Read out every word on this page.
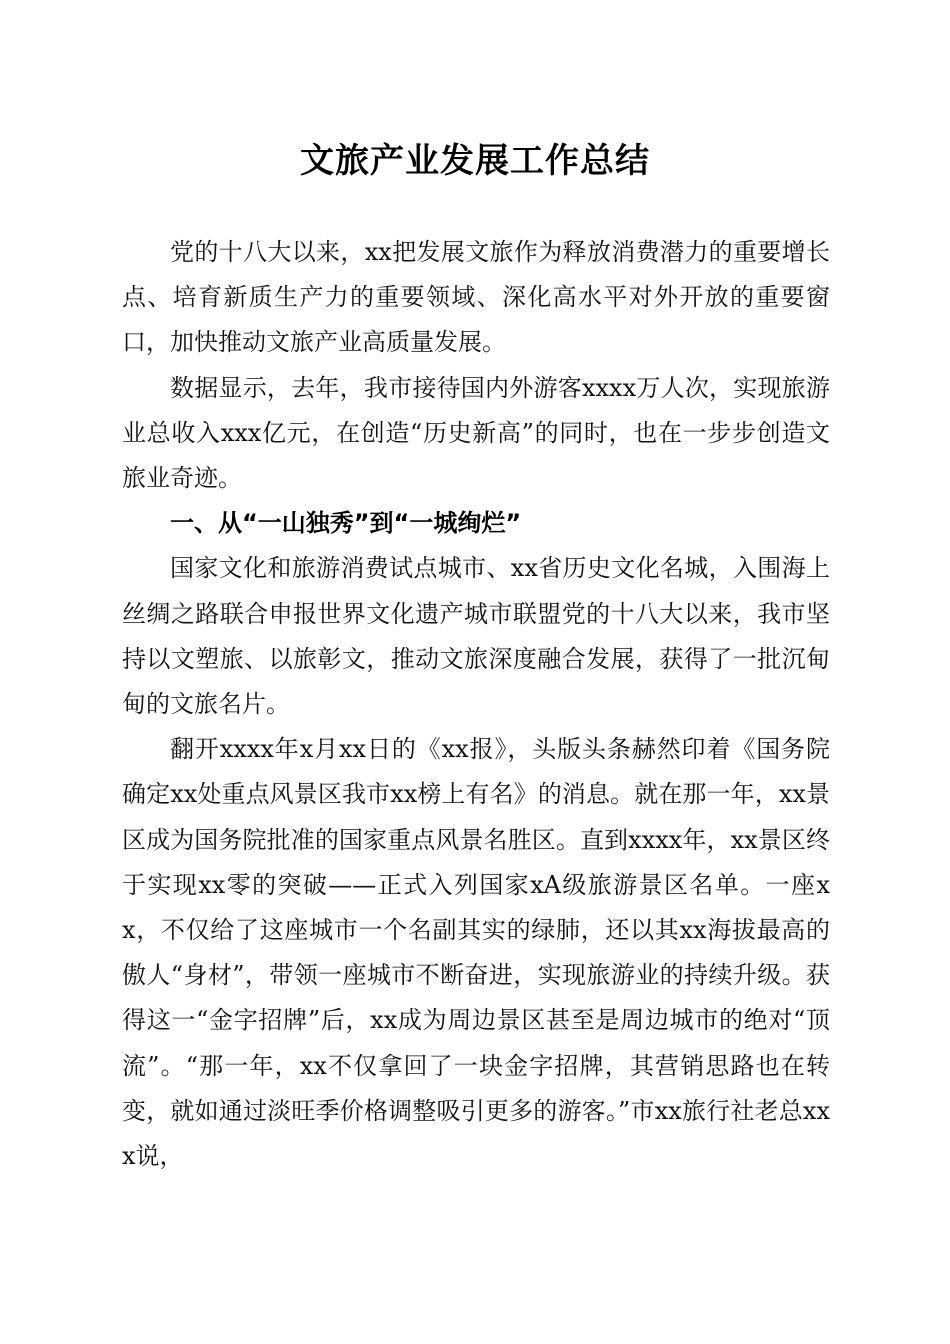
文旅产业发展工作总结

党的十八大以来，xx把发展文旅作为释放消费潜力的重要增长点、培育新质生产力的重要领域、深化高水平对外开放的重要窗口，加快推动文旅产业高质量发展。

数据显示，去年，我市接待国内外游客xxxx万人次，实现旅游业总收入xxx亿元，在创造“历史新高”的同时，也在一步步创造文旅业奇迹。

一、从“一山独秀”到“一城绚烂”

国家文化和旅游消费试点城市、xx省历史文化名城，入围海上丝绸之路联合申报世界文化遗产城市联盟党的十八大以来，我市坚持以文塑旅、以旅彰文，推动文旅深度融合发展，获得了一批沉甸甸的文旅名片。

翻开xxxx年x月xx日的《xx报》，头版头条赫然印着《国务院确定xx处重点风景区我市xx榜上有名》的消息。就在那一年，xx景区成为国务院批准的国家重点风景名胜区。直到xxxx年，xx景区终于实现xx零的突破——正式入列国家xA级旅游景区名单。一座xx，不仅给了这座城市一个名副其实的绿肺，还以其xx海拔最高的傲人“身材”，带领一座城市不断奋进，实现旅游业的持续升级。获得这一“金字招牌”后，xx成为周边景区甚至是周边城市的绝对“顶流”。“那一年，xx不仅拿回了一块金字招牌，其营销思路也在转变，就如通过淡旺季价格调整吸引更多的游客。”市xx旅行社老总xxx说，
